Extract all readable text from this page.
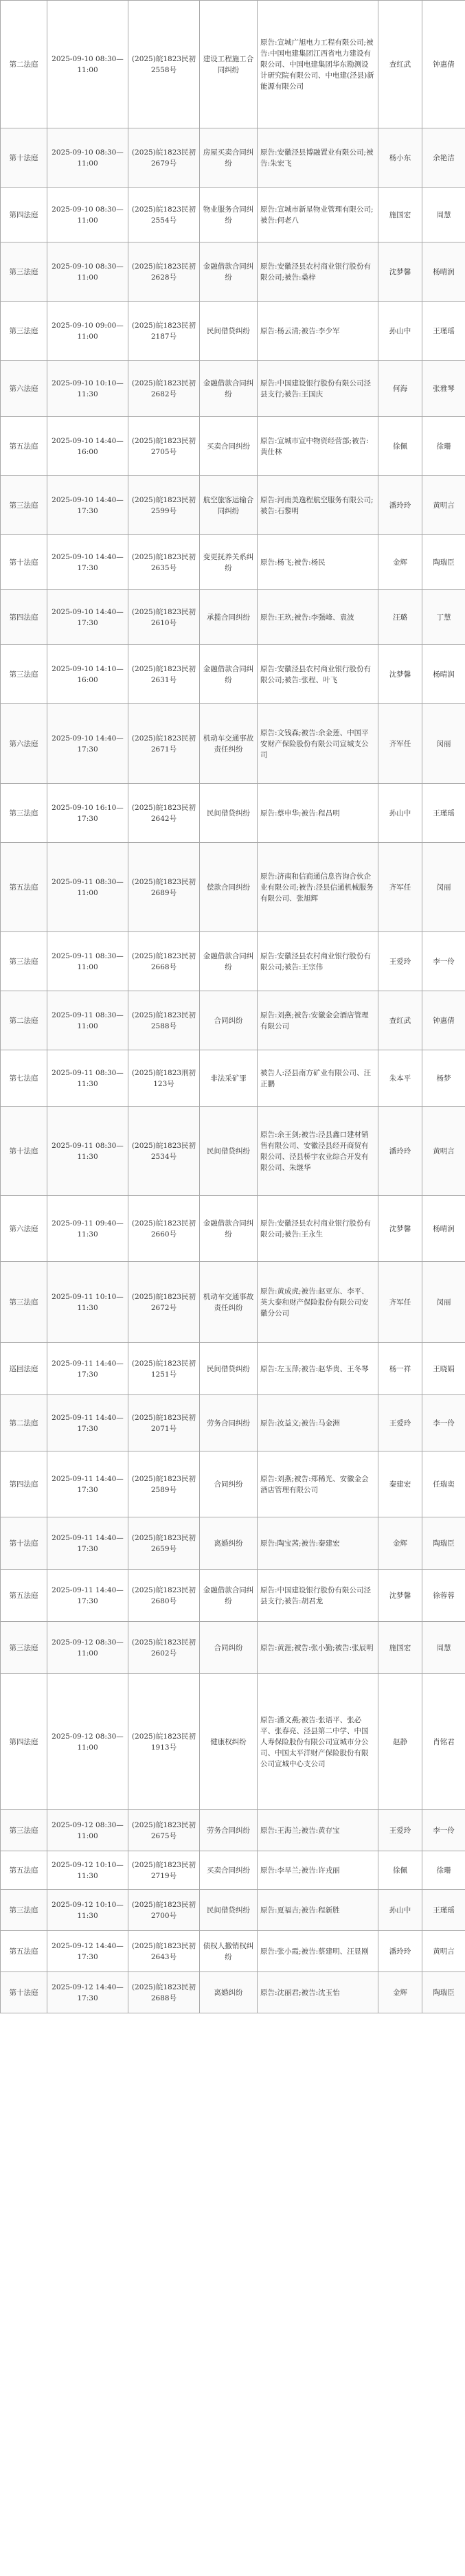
第二法庭	2025-09-10 08:30—11:00	(2025)皖1823民初2558号	建设工程施工合同纠纷	原告:宣城广旭电力工程有限公司;被告:中国电建集团江西省电力建设有限公司、中国电建集团华东勘测设计研究院有限公司、中电建(泾县)新能源有限公司	查红武	钟惠倩
第十法庭	2025-09-10 08:30—11:00	(2025)皖1823民初2679号	房屋买卖合同纠纷	原告:安徽泾县博融置业有限公司;被告:朱宏飞	杨小东	余艳洁
第四法庭	2025-09-10 08:30—11:00	(2025)皖1823民初2554号	物业服务合同纠纷	原告:宣城市新星物业管理有限公司;被告:何老八	施国宏	周慧
第三法庭	2025-09-10 08:30—11:00	(2025)皖1823民初2628号	金融借款合同纠纷	原告:安徽泾县农村商业银行股份有限公司;被告:桑梓	沈梦馨	杨晴润
第三法庭	2025-09-10 09:00—11:00	(2025)皖1823民初2187号	民间借贷纠纷	原告:杨云清;被告:李少军	孙山中	王瑾瑶
第六法庭	2025-09-10 10:10—11:30	(2025)皖1823民初2682号	金融借款合同纠纷	原告:中国建设银行股份有限公司泾县支行;被告:王国庆	何海	张雅琴
第五法庭	2025-09-10 14:40—16:00	(2025)皖1823民初2705号	买卖合同纠纷	原告:宣城市宣中物资经营部;被告:黄仕林	徐佩	徐珊
第三法庭	2025-09-10 14:40—17:30	(2025)皖1823民初2599号	航空旅客运输合同纠纷	原告:河南美逸程航空服务有限公司;被告:石黎明	潘玲玲	黄明言
第十法庭	2025-09-10 14:40—17:30	(2025)皖1823民初2635号	变更抚养关系纠纷	原告:杨飞;被告:杨民	金辉	陶瑞臣
第四法庭	2025-09-10 14:40—17:30	(2025)皖1823民初2610号	承揽合同纠纷	原告:王玖;被告:李强峰、袁波	汪璐	丁慧
第三法庭	2025-09-10 14:10—16:00	(2025)皖1823民初2631号	金融借款合同纠纷	原告:安徽泾县农村商业银行股份有限公司;被告:张程、叶飞	沈梦馨	杨晴润
第六法庭	2025-09-10 14:40—17:30	(2025)皖1823民初2671号	机动车交通事故责任纠纷	原告:文钱森;被告:余金莲、中国平安财产保险股份有限公司宣城支公司	齐军任	闵丽
第三法庭	2025-09-10 16:10—17:30	(2025)皖1823民初2642号	民间借贷纠纷	原告:蔡申华;被告:程昌明	孙山中	王瑾瑶
第五法庭	2025-09-11 08:30—11:00	(2025)皖1823民初2689号	偿款合同纠纷	原告:济南和信商通信息咨询合伙企业有限公司;被告:泾县信通机械服务有限公司、张旭辉	齐军任	闵丽
第三法庭	2025-09-11 08:30—11:00	(2025)皖1823民初2668号	金融借款合同纠纷	原告:安徽泾县农村商业银行股份有限公司;被告:王宗伟	王爱玲	李一伶
第二法庭	2025-09-11 08:30—11:00	(2025)皖1823民初2588号	合同纠纷	原告:刘燕;被告:安徽金会酒店管理有限公司	查红武	钟惠倩
第七法庭	2025-09-11 08:30—11:30	(2025)皖1823刑初123号	非法采矿罪	被告人:泾县南方矿业有限公司、汪正鹏	朱本平	杨梦
第十法庭	2025-09-11 08:30—11:30	(2025)皖1823民初2534号	民间借贷纠纷	原告:余王剑;被告:泾县鑫口建材销售有限公司、安徽泾县经开商贸有限公司、泾县桥宇农业综合开发有限公司、朱继华	潘玲玲	黄明言
第六法庭	2025-09-11 09:40—11:30	(2025)皖1823民初2660号	金融借款合同纠纷	原告:安徽泾县农村商业银行股份有限公司;被告:王永生	沈梦馨	杨晴润
第三法庭	2025-09-11 10:10—11:30	(2025)皖1823民初2672号	机动车交通事故责任纠纷	原告:黄成虎;被告:赵亚东、李平、英大泰和财产保险股份有限公司安徽分公司	齐军任	闵丽
巡回法庭	2025-09-11 14:40—17:30	(2025)皖1823民初1251号	民间借贷纠纷	原告:左玉萍;被告:赵华贵、王冬琴	杨一祥	王晓娟
第二法庭	2025-09-11 14:40—17:30	(2025)皖1823民初2071号	劳务合同纠纷	原告:汝益文;被告:马金洲	王爱玲	李一伶
第四法庭	2025-09-11 14:40—17:30	(2025)皖1823民初2589号	合同纠纷	原告:刘燕;被告:郑稀光、安徽金会酒店管理有限公司	秦建宏	任瑞奕
第十法庭	2025-09-11 14:40—17:30	(2025)皖1823民初2659号	离婚纠纷	原告:陶宝茜;被告:秦建宏	金辉	陶瑞臣
第五法庭	2025-09-11 14:40—17:30	(2025)皖1823民初2680号	金融借款合同纠纷	原告:中国建设银行股份有限公司泾县支行;被告:胡君龙	沈梦馨	徐蓉蓉
第三法庭	2025-09-12 08:30—11:00	(2025)皖1823民初2602号	合同纠纷	原告:黄涯;被告:张小勤;被告:张辰明	施国宏	周慧
第四法庭	2025-09-12 08:30—11:00	(2025)皖1823民初1913号	健康权纠纷	原告:潘文燕;被告:张语平、张必平、张春亮、泾县第二中学、中国人寿保险股份有限公司宣城市分公司、中国太平洋财产保险股份有限公司宣城中心支公司	赵静	肖铭君
第三法庭	2025-09-12 08:30—11:00	(2025)皖1823民初2675号	劳务合同纠纷	原告:王海兰;被告:黄存宝	王爱玲	李一伶
第五法庭	2025-09-12 10:10—11:30	(2025)皖1823民初2719号	买卖合同纠纷	原告:李旱兰;被告:许戎丽	徐佩	徐珊
第三法庭	2025-09-12 10:10—11:30	(2025)皖1823民初2700号	民间借贷纠纷	原告:夏福吉;被告:程新胜	孙山中	王瑾瑶
第五法庭	2025-09-12 14:40—17:30	(2025)皖1823民初2643号	债权人撤销权纠纷	原告:张小霞;被告:蔡建明、汪显刚	潘玲玲	黄明言
第十法庭	2025-09-12 14:40—17:30	(2025)皖1823民初2688号	离婚纠纷	原告:沈丽君;被告:沈玉怡	金辉	陶瑞臣
